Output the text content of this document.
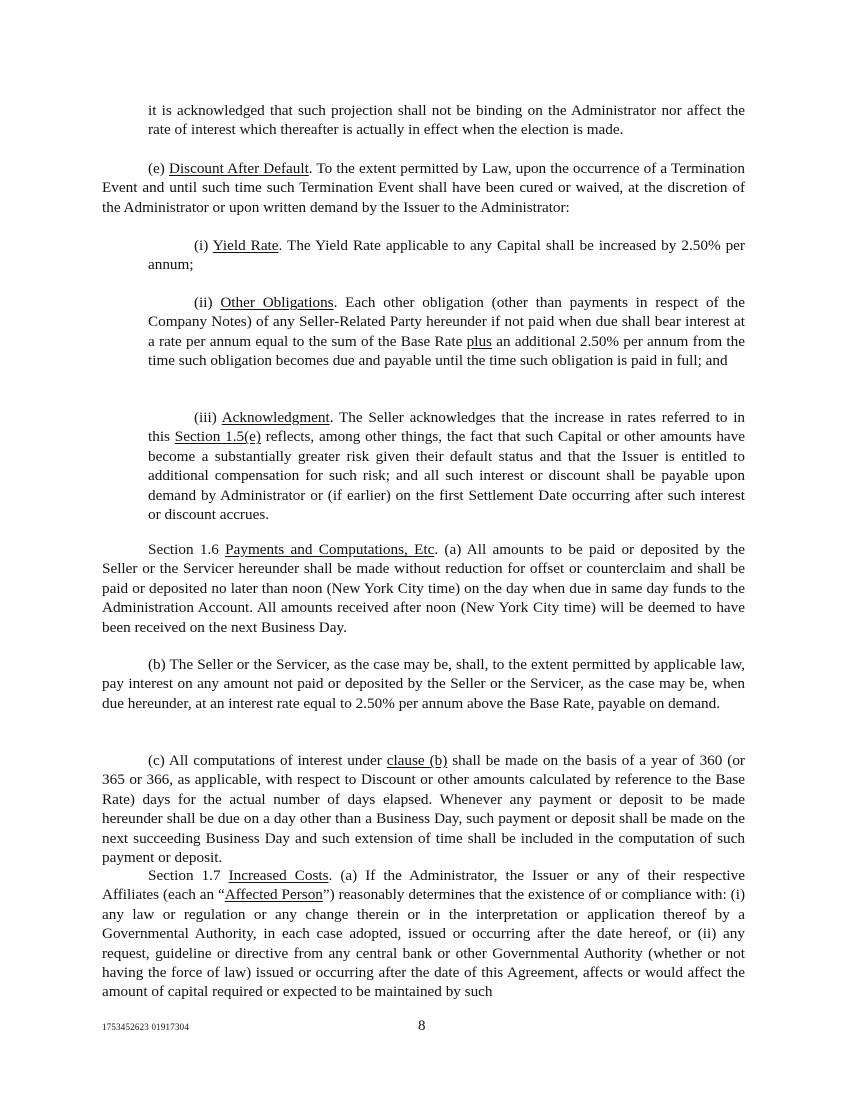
it is acknowledged that such projection shall not be binding on the Administrator nor affect the rate of interest which thereafter is actually in effect when the election is made.

(e) Discount After Default. To the extent permitted by Law, upon the occurrence of a Termination Event and until such time such Termination Event shall have been cured or waived, at the discretion of the Administrator or upon written demand by the Issuer to the Administrator:

(i) Yield Rate. The Yield Rate applicable to any Capital shall be increased by 2.50% per annum;

(ii) Other Obligations. Each other obligation (other than payments in respect of the Company Notes) of any Seller-Related Party hereunder if not paid when due shall bear interest at a rate per annum equal to the sum of the Base Rate plus an additional 2.50% per annum from the time such obligation becomes due and payable until the time such obligation is paid in full; and

(iii) Acknowledgment. The Seller acknowledges that the increase in rates referred to in this Section 1.5(e) reflects, among other things, the fact that such Capital or other amounts have become a substantially greater risk given their default status and that the Issuer is entitled to additional compensation for such risk; and all such interest or discount shall be payable upon demand by Administrator or (if earlier) on the first Settlement Date occurring after such interest or discount accrues.

Section 1.6 Payments and Computations, Etc. (a) All amounts to be paid or deposited by the Seller or the Servicer hereunder shall be made without reduction for offset or counterclaim and shall be paid or deposited no later than noon (New York City time) on the day when due in same day funds to the Administration Account. All amounts received after noon (New York City time) will be deemed to have been received on the next Business Day.

(b) The Seller or the Servicer, as the case may be, shall, to the extent permitted by applicable law, pay interest on any amount not paid or deposited by the Seller or the Servicer, as the case may be, when due hereunder, at an interest rate equal to 2.50% per annum above the Base Rate, payable on demand.

(c) All computations of interest under clause (b) shall be made on the basis of a year of 360 (or 365 or 366, as applicable, with respect to Discount or other amounts calculated by reference to the Base Rate) days for the actual number of days elapsed. Whenever any payment or deposit to be made hereunder shall be due on a day other than a Business Day, such payment or deposit shall be made on the next succeeding Business Day and such extension of time shall be included in the computation of such payment or deposit.

Section 1.7 Increased Costs. (a) If the Administrator, the Issuer or any of their respective Affiliates (each an “Affected Person”) reasonably determines that the existence of or compliance with: (i) any law or regulation or any change therein or in the interpretation or application thereof by a Governmental Authority, in each case adopted, issued or occurring after the date hereof, or (ii) any request, guideline or directive from any central bank or other Governmental Authority (whether or not having the force of law) issued or occurring after the date of this Agreement, affects or would affect the amount of capital required or expected to be maintained by such

1753452623 01917304	8
